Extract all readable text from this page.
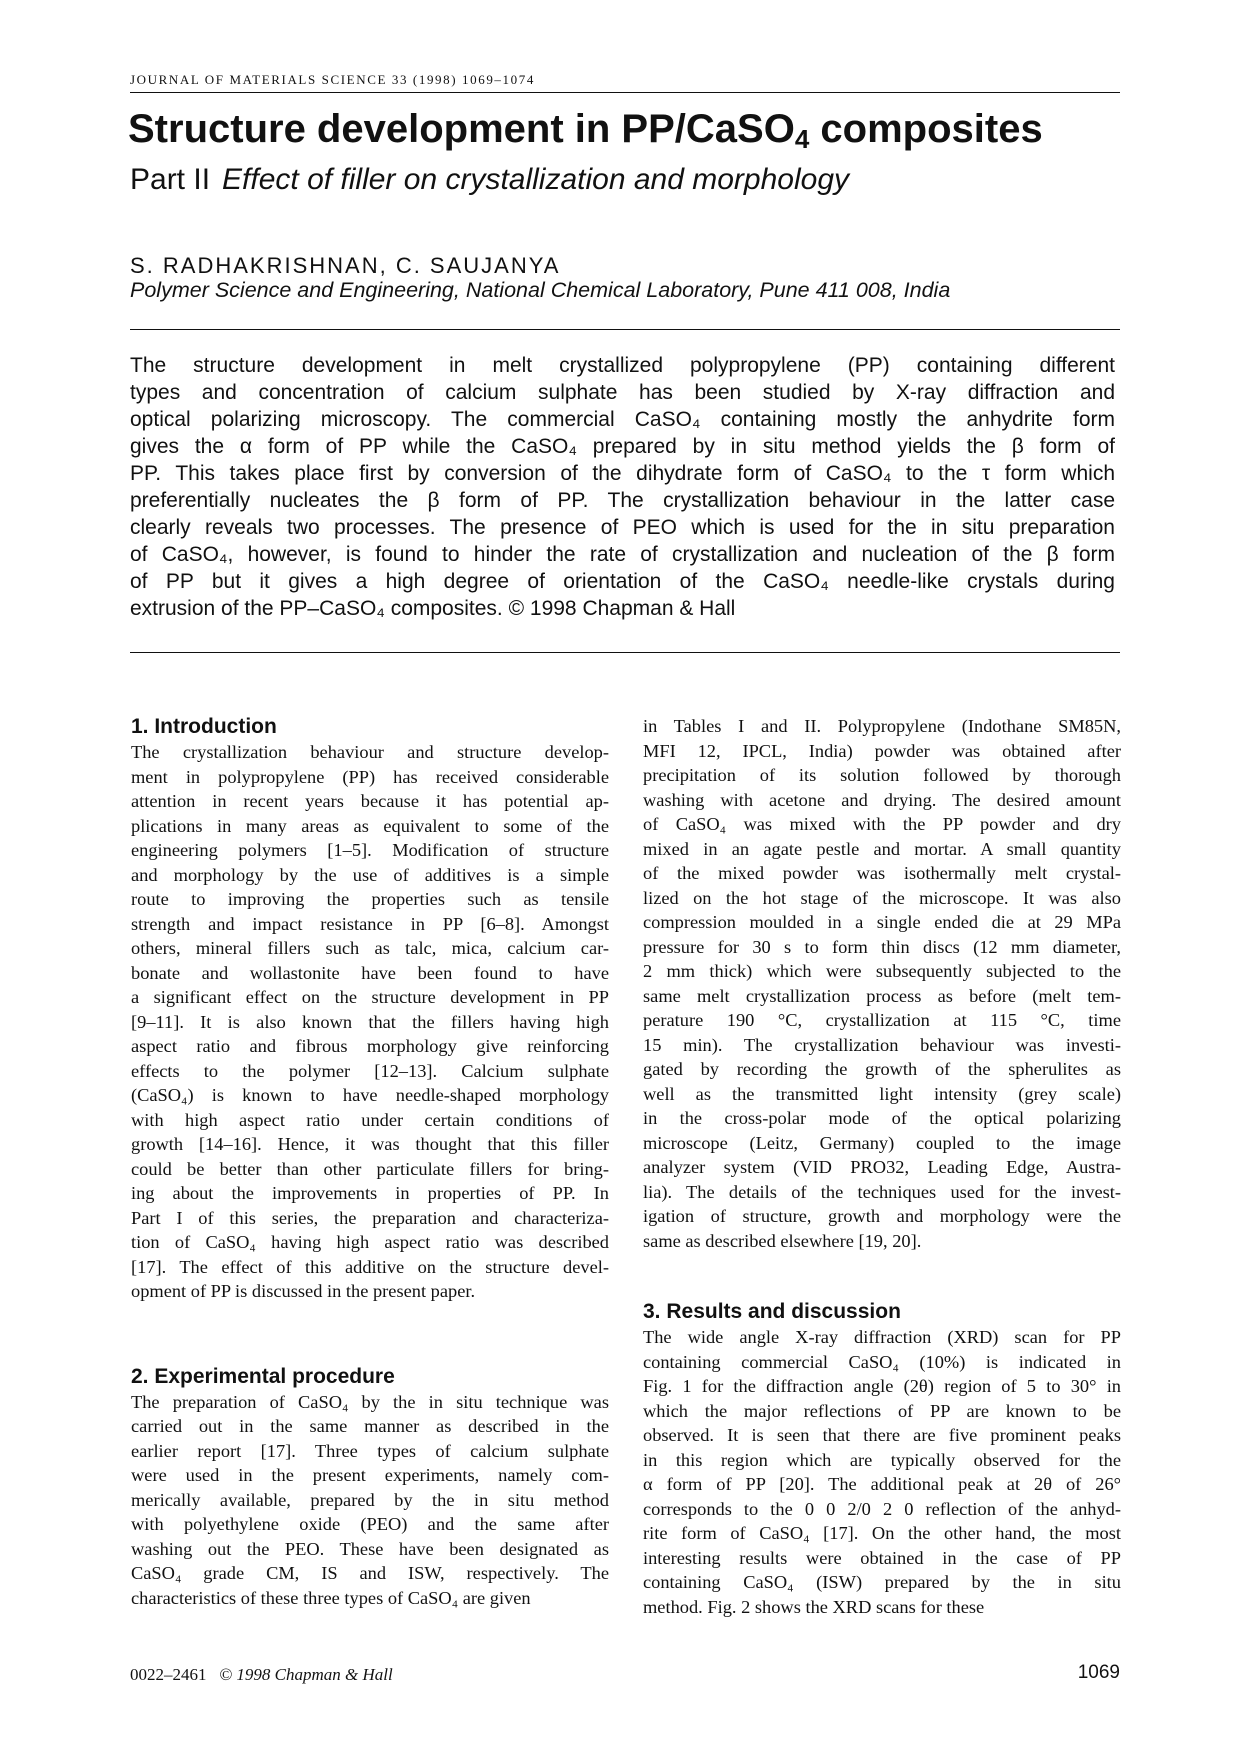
JOURNAL OF MATERIALS SCIENCE 33 (1998) 1069–1074
Structure development in PP/CaSO$_4$ composites
Part II Effect of filler on crystallization and morphology
S. RADHAKRISHNAN, C. SAUJANYA
Polymer Science and Engineering, National Chemical Laboratory, Pune 411 008, India
The structure development in melt crystallized polypropylene (PP) containing different
types and concentration of calcium sulphate has been studied by X-ray diffraction and
optical polarizing microscopy. The commercial CaSO₄ containing mostly the anhydrite form
gives the α form of PP while the CaSO₄ prepared by in situ method yields the β form of
PP. This takes place first by conversion of the dihydrate form of CaSO₄ to the τ form which
preferentially nucleates the β form of PP. The crystallization behaviour in the latter case
clearly reveals two processes. The presence of PEO which is used for the in situ preparation
of CaSO₄, however, is found to hinder the rate of crystallization and nucleation of the β form
of PP but it gives a high degree of orientation of the CaSO₄ needle-like crystals during
extrusion of the PP–CaSO₄ composites. © 1998 Chapman & Hall
1. Introduction
The crystallization behaviour and structure develop-
ment in polypropylene (PP) has received considerable
attention in recent years because it has potential ap-
plications in many areas as equivalent to some of the
engineering polymers [1–5]. Modification of structure
and morphology by the use of additives is a simple
route to improving the properties such as tensile
strength and impact resistance in PP [6–8]. Amongst
others, mineral fillers such as talc, mica, calcium car-
bonate and wollastonite have been found to have
a significant effect on the structure development in PP
[9–11]. It is also known that the fillers having high
aspect ratio and fibrous morphology give reinforcing
effects to the polymer [12–13]. Calcium sulphate
(CaSO₄) is known to have needle-shaped morphology
with high aspect ratio under certain conditions of
growth [14–16]. Hence, it was thought that this filler
could be better than other particulate fillers for bring-
ing about the improvements in properties of PP. In
Part I of this series, the preparation and characteriza-
tion of CaSO₄ having high aspect ratio was described
[17]. The effect of this additive on the structure devel-
opment of PP is discussed in the present paper.
2. Experimental procedure
The preparation of CaSO₄ by the in situ technique was
carried out in the same manner as described in the
earlier report [17]. Three types of calcium sulphate
were used in the present experiments, namely com-
merically available, prepared by the in situ method
with polyethylene oxide (PEO) and the same after
washing out the PEO. These have been designated as
CaSO₄ grade CM, IS and ISW, respectively. The
characteristics of these three types of CaSO₄ are given
in Tables I and II. Polypropylene (Indothane SM85N,
MFI 12, IPCL, India) powder was obtained after
precipitation of its solution followed by thorough
washing with acetone and drying. The desired amount
of CaSO₄ was mixed with the PP powder and dry
mixed in an agate pestle and mortar. A small quantity
of the mixed powder was isothermally melt crystal-
lized on the hot stage of the microscope. It was also
compression moulded in a single ended die at 29 MPa
pressure for 30 s to form thin discs (12 mm diameter,
2 mm thick) which were subsequently subjected to the
same melt crystallization process as before (melt tem-
perature 190 °C, crystallization at 115 °C, time
15 min). The crystallization behaviour was investi-
gated by recording the growth of the spherulites as
well as the transmitted light intensity (grey scale)
in the cross-polar mode of the optical polarizing
microscope (Leitz, Germany) coupled to the image
analyzer system (VID PRO32, Leading Edge, Austra-
lia). The details of the techniques used for the invest-
igation of structure, growth and morphology were the
same as described elsewhere [19, 20].
3. Results and discussion
The wide angle X-ray diffraction (XRD) scan for PP
containing commercial CaSO₄ (10%) is indicated in
Fig. 1 for the diffraction angle (2θ) region of 5 to 30° in
which the major reflections of PP are known to be
observed. It is seen that there are five prominent peaks
in this region which are typically observed for the
α form of PP [20]. The additional peak at 2θ of 26°
corresponds to the 0 0 2/0 2 0 reflection of the anhyd-
rite form of CaSO₄ [17]. On the other hand, the most
interesting results were obtained in the case of PP
containing CaSO₄ (ISW) prepared by the in situ
method. Fig. 2 shows the XRD scans for these
0022–2461 © 1998 Chapman & Hall	1069
